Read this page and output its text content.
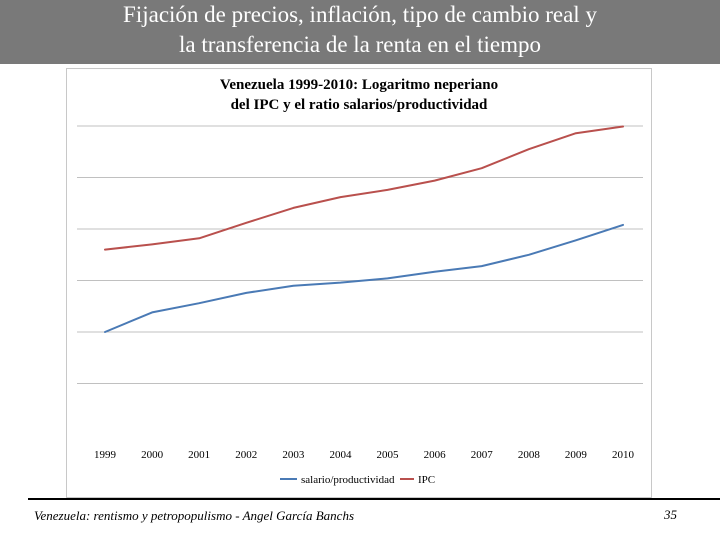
Fijación de precios, inflación, tipo de cambio real y
la transferencia de la renta en el tiempo
Venezuela 1999-2010: Logaritmo neperiano
del IPC y el ratio salarios/productividad
1999 2000 2001 2002 2003 2004 2005 2006 2007 2008 2009 2010
salario/productividad IPC
Venezuela: rentismo y petropopulismo - Angel García Banchs	35
